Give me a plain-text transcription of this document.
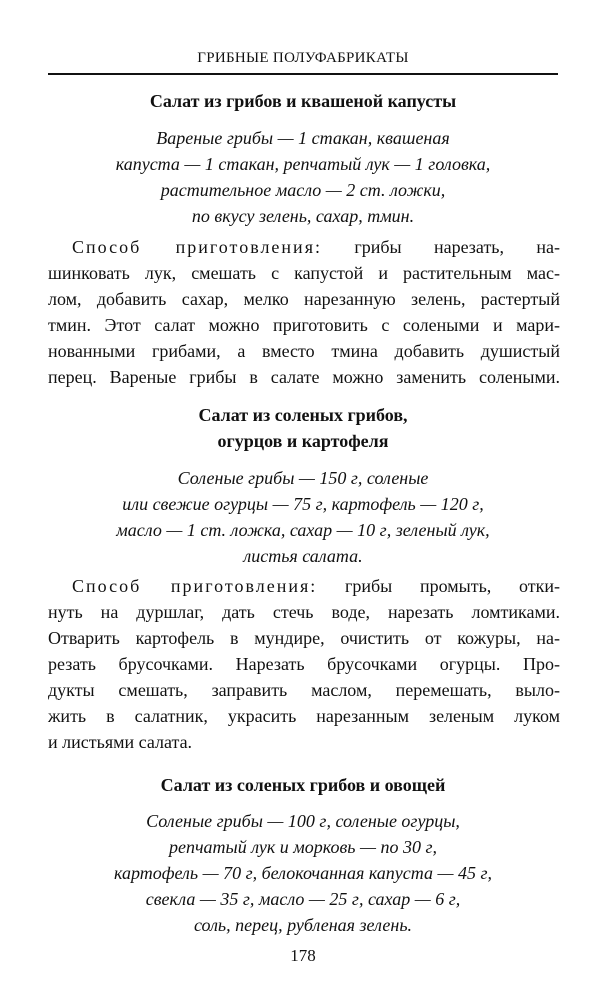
ГРИБНЫЕ ПОЛУФАБРИКАТЫ
Салат из грибов и квашеной капусты
Вареные грибы — 1 стакан, квашеная
капуста — 1 стакан, репчатый лук — 1 головка,
растительное масло — 2 ст. ложки,
по вкусу зелень, сахар, тмин.
Способ приготовления: грибы нарезать, на-
шинковать лук, смешать с капустой и растительным мас-
лом, добавить сахар, мелко нарезанную зелень, растертый
тмин. Этот салат можно приготовить с солеными и мари-
нованными грибами, а вместо тмина добавить душистый
перец. Вареные грибы в салате можно заменить солеными.
Салат из соленых грибов,
огурцов и картофеля
Соленые грибы — 150 г, соленые
или свежие огурцы — 75 г, картофель — 120 г,
масло — 1 ст. ложка, сахар — 10 г, зеленый лук,
листья салата.
Способ приготовления: грибы промыть, отки-
нуть на дуршлаг, дать стечь воде, нарезать ломтиками.
Отварить картофель в мундире, очистить от кожуры, на-
резать брусочками. Нарезать брусочками огурцы. Про-
дукты смешать, заправить маслом, перемешать, выло-
жить в салатник, украсить нарезанным зеленым луком
и листьями салата.
Салат из соленых грибов и овощей
Соленые грибы — 100 г, соленые огурцы,
репчатый лук и морковь — по 30 г,
картофель — 70 г, белокочанная капуста — 45 г,
свекла — 35 г, масло — 25 г, сахар — 6 г,
соль, перец, рубленая зелень.
178
